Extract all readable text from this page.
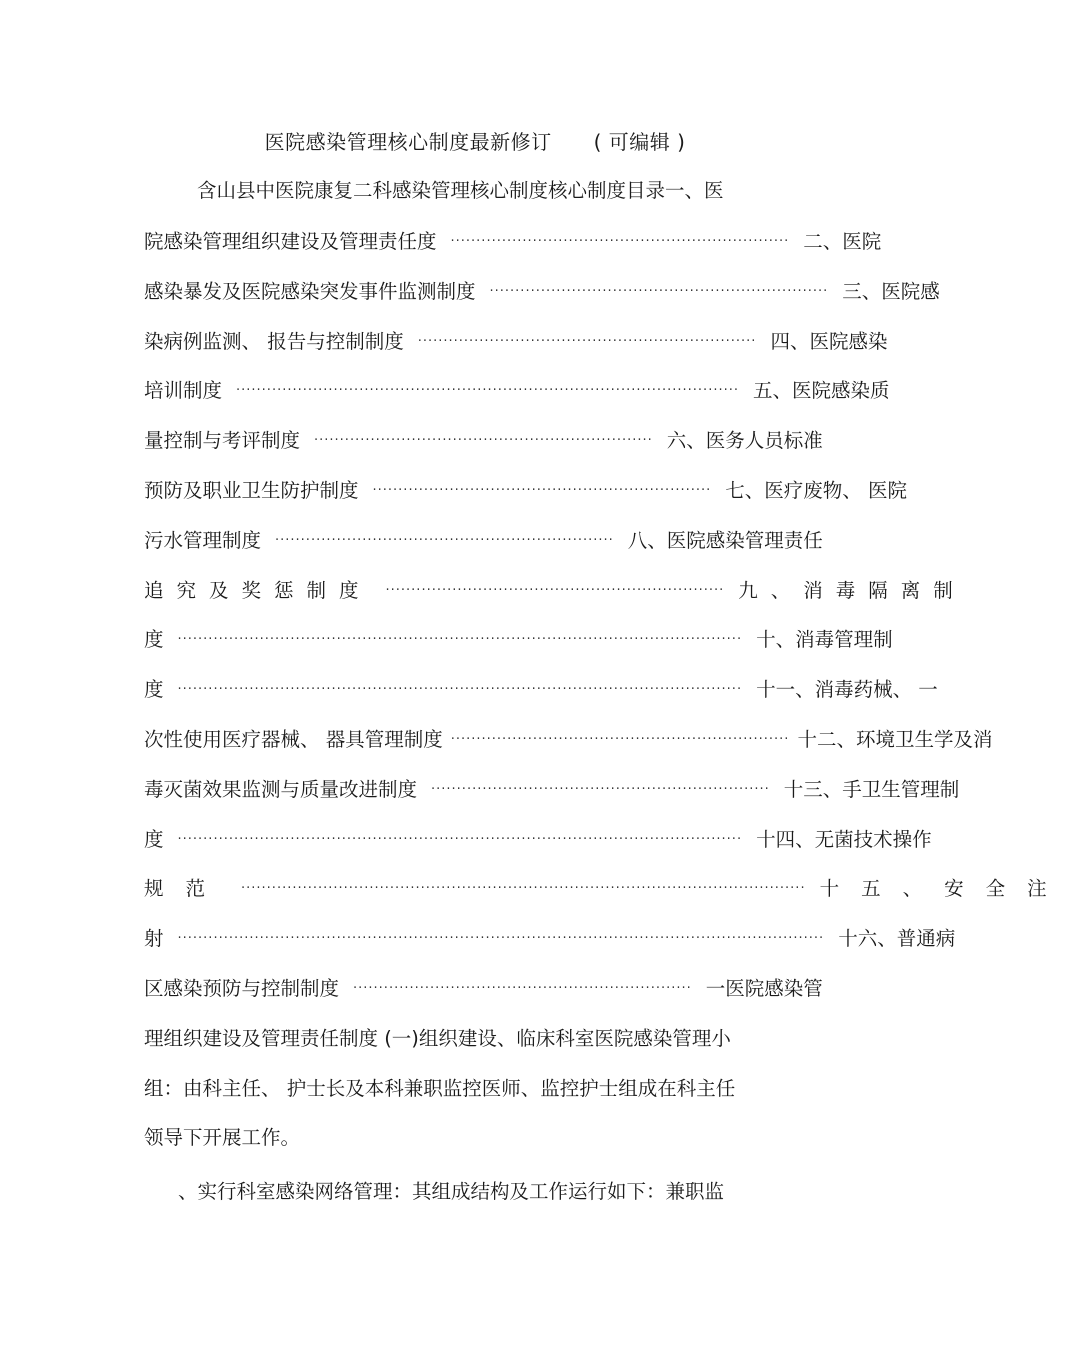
医院感染管理核心制度最新修订 ( 可编辑 )
含山县中医院康复二科感染管理核心制度核心制度目录一、医
院感染管理组织建设及管理责任度 ·································································· 二、医院
感染暴发及医院感染突发事件监测制度 ·································································· 三、医院感
染病例监测、 报告与控制制度 ·································································· 四、医院感染
培训制度 ·································································································· 五、医院感染质
量控制与考评制度 ·································································· 六、医务人员标准
预防及职业卫生防护制度 ·································································· 七、医疗废物、 医院
污水管理制度 ·································································· 八、医院感染管理责任
追究及奖惩制度 ·································································· 九、消毒隔离制
度 ·············································································································· 十、消毒管理制
度 ·············································································································· 十一、消毒药械、 一
次性使用医疗器械、 器具管理制度 ·································································· 十二、环境卫生学及消
毒灭菌效果监测与质量改进制度 ·································································· 十三、手卫生管理制
度 ·············································································································· 十四、无菌技术操作
规范 ·············································································································· 十五、安全注
射 ······························································································································ 十六、普通病
区感染预防与控制制度 ·································································· 一医院感染管
理组织建设及管理责任制度 (一)组织建设、临床科室医院感染管理小
组：由科主任、 护士长及本科兼职监控医师、监控护士组成在科主任
领导下开展工作。
、实行科室感染网络管理：其组成结构及工作运行如下：兼职监
